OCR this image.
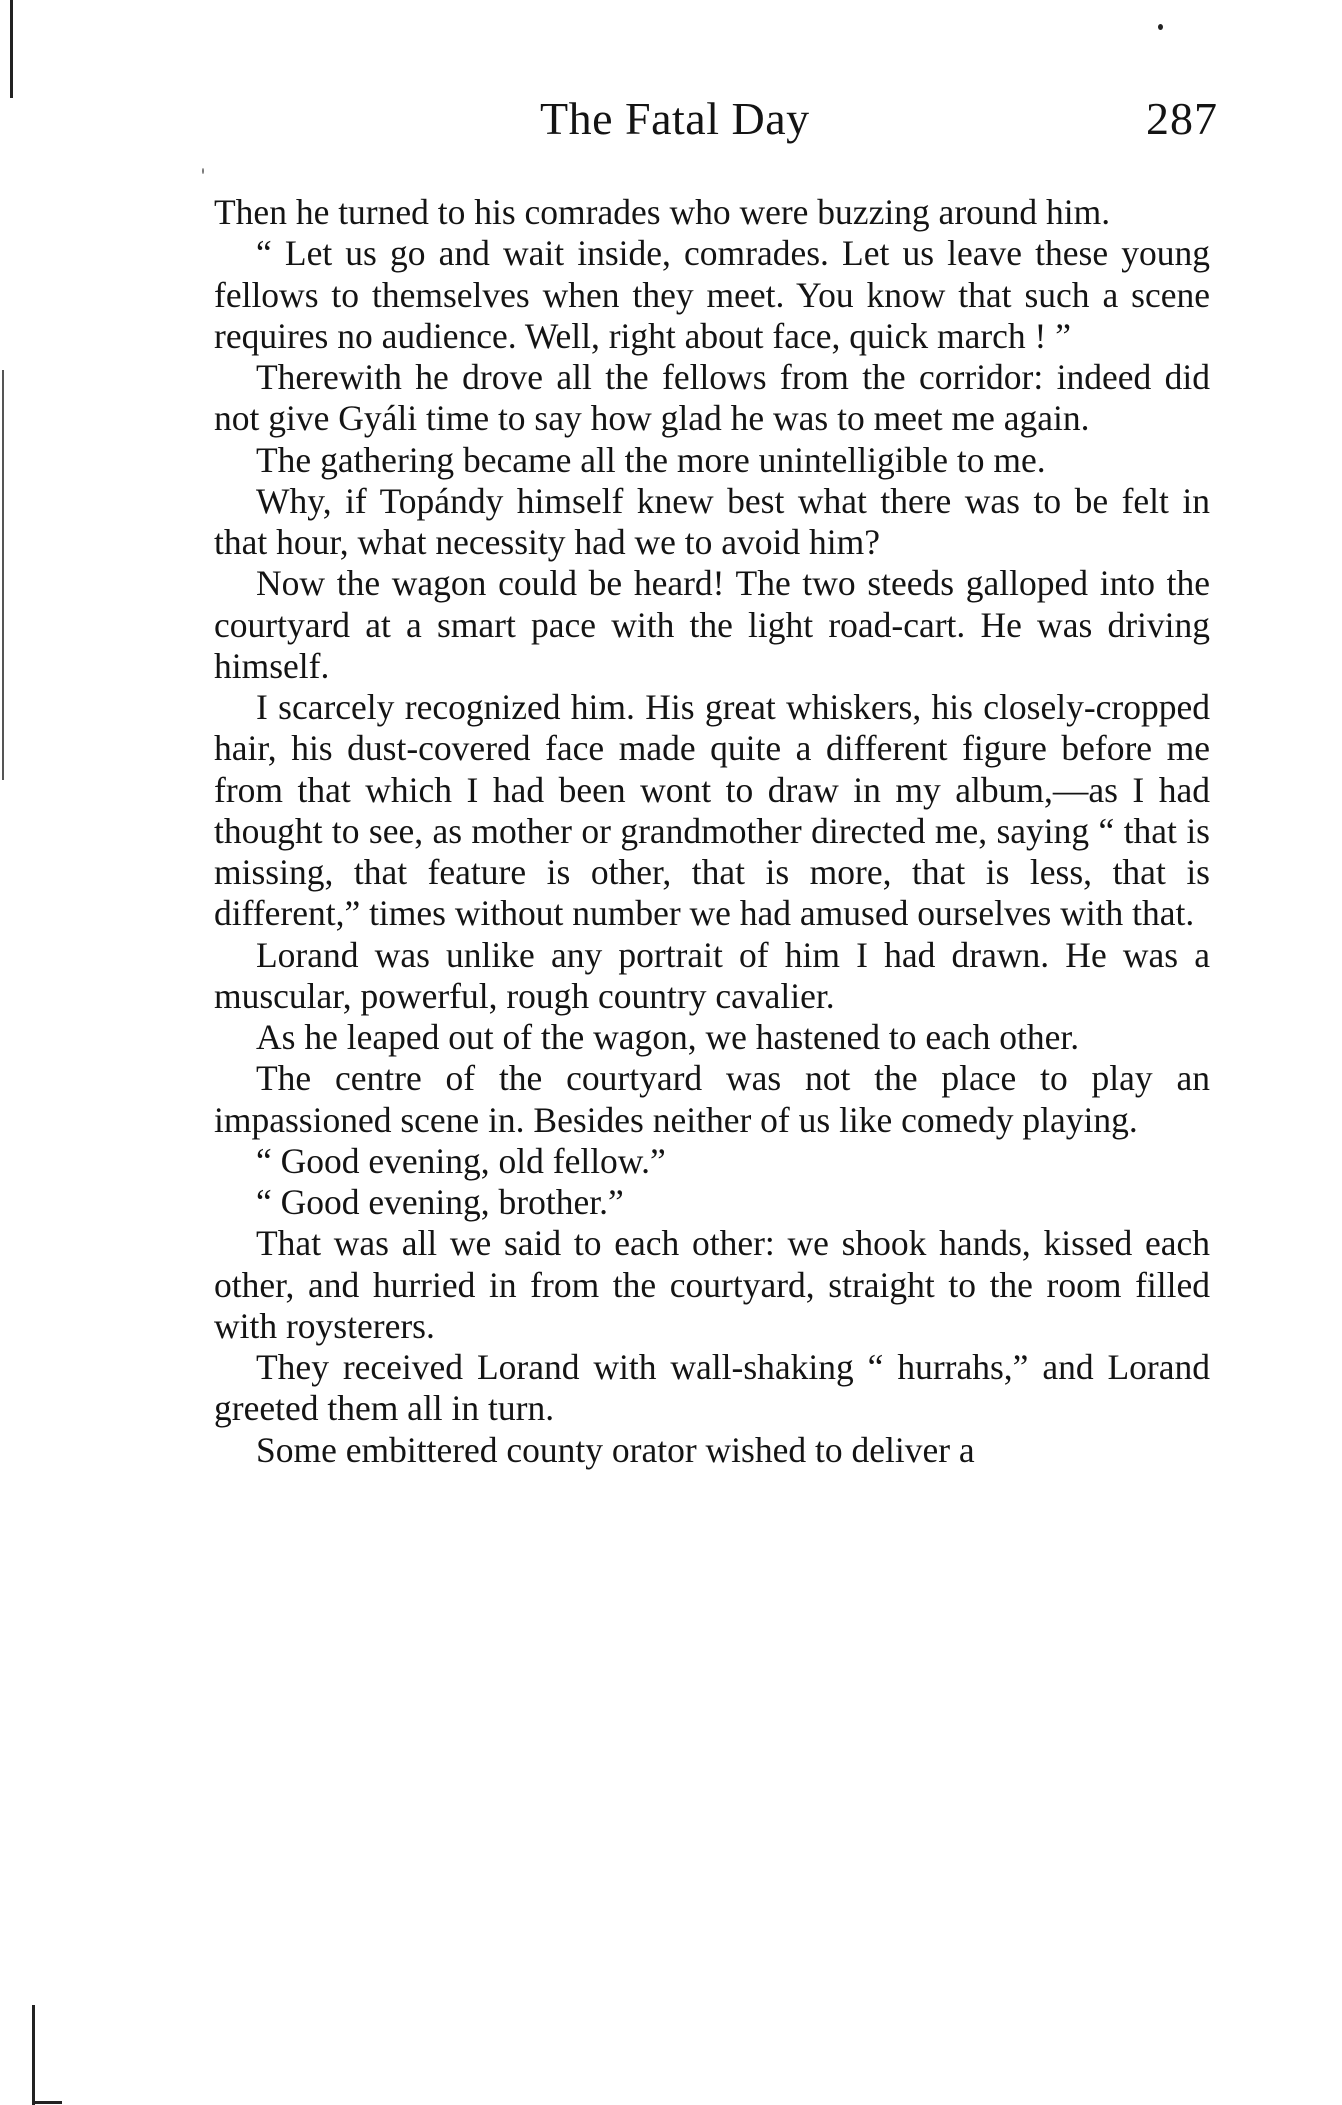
The Fatal Day	287

Then he turned to his comrades who were buzzing around him.

“ Let us go and wait inside, comrades. Let us leave these young fellows to themselves when they meet. You know that such a scene requires no audience. Well, right about face, quick march ! ”

Therewith he drove all the fellows from the corridor: indeed did not give Gyáli time to say how glad he was to meet me again.

The gathering became all the more unintelligible to me.

Why, if Topándy himself knew best what there was to be felt in that hour, what necessity had we to avoid him?

Now the wagon could be heard! The two steeds galloped into the courtyard at a smart pace with the light road-cart. He was driving himself.

I scarcely recognized him. His great whiskers, his closely-cropped hair, his dust-covered face made quite a different figure before me from that which I had been wont to draw in my album,—as I had thought to see, as mother or grandmother directed me, saying “ that is missing, that feature is other, that is more, that is less, that is different,” times without number we had amused ourselves with that.

Lorand was unlike any portrait of him I had drawn. He was a muscular, powerful, rough country cavalier.

As he leaped out of the wagon, we hastened to each other.

The centre of the courtyard was not the place to play an impassioned scene in. Besides neither of us like comedy playing.

“ Good evening, old fellow.”

“ Good evening, brother.”

That was all we said to each other: we shook hands, kissed each other, and hurried in from the courtyard, straight to the room filled with roysterers.

They received Lorand with wall-shaking “ hurrahs,” and Lorand greeted them all in turn.

Some embittered county orator wished to deliver a
